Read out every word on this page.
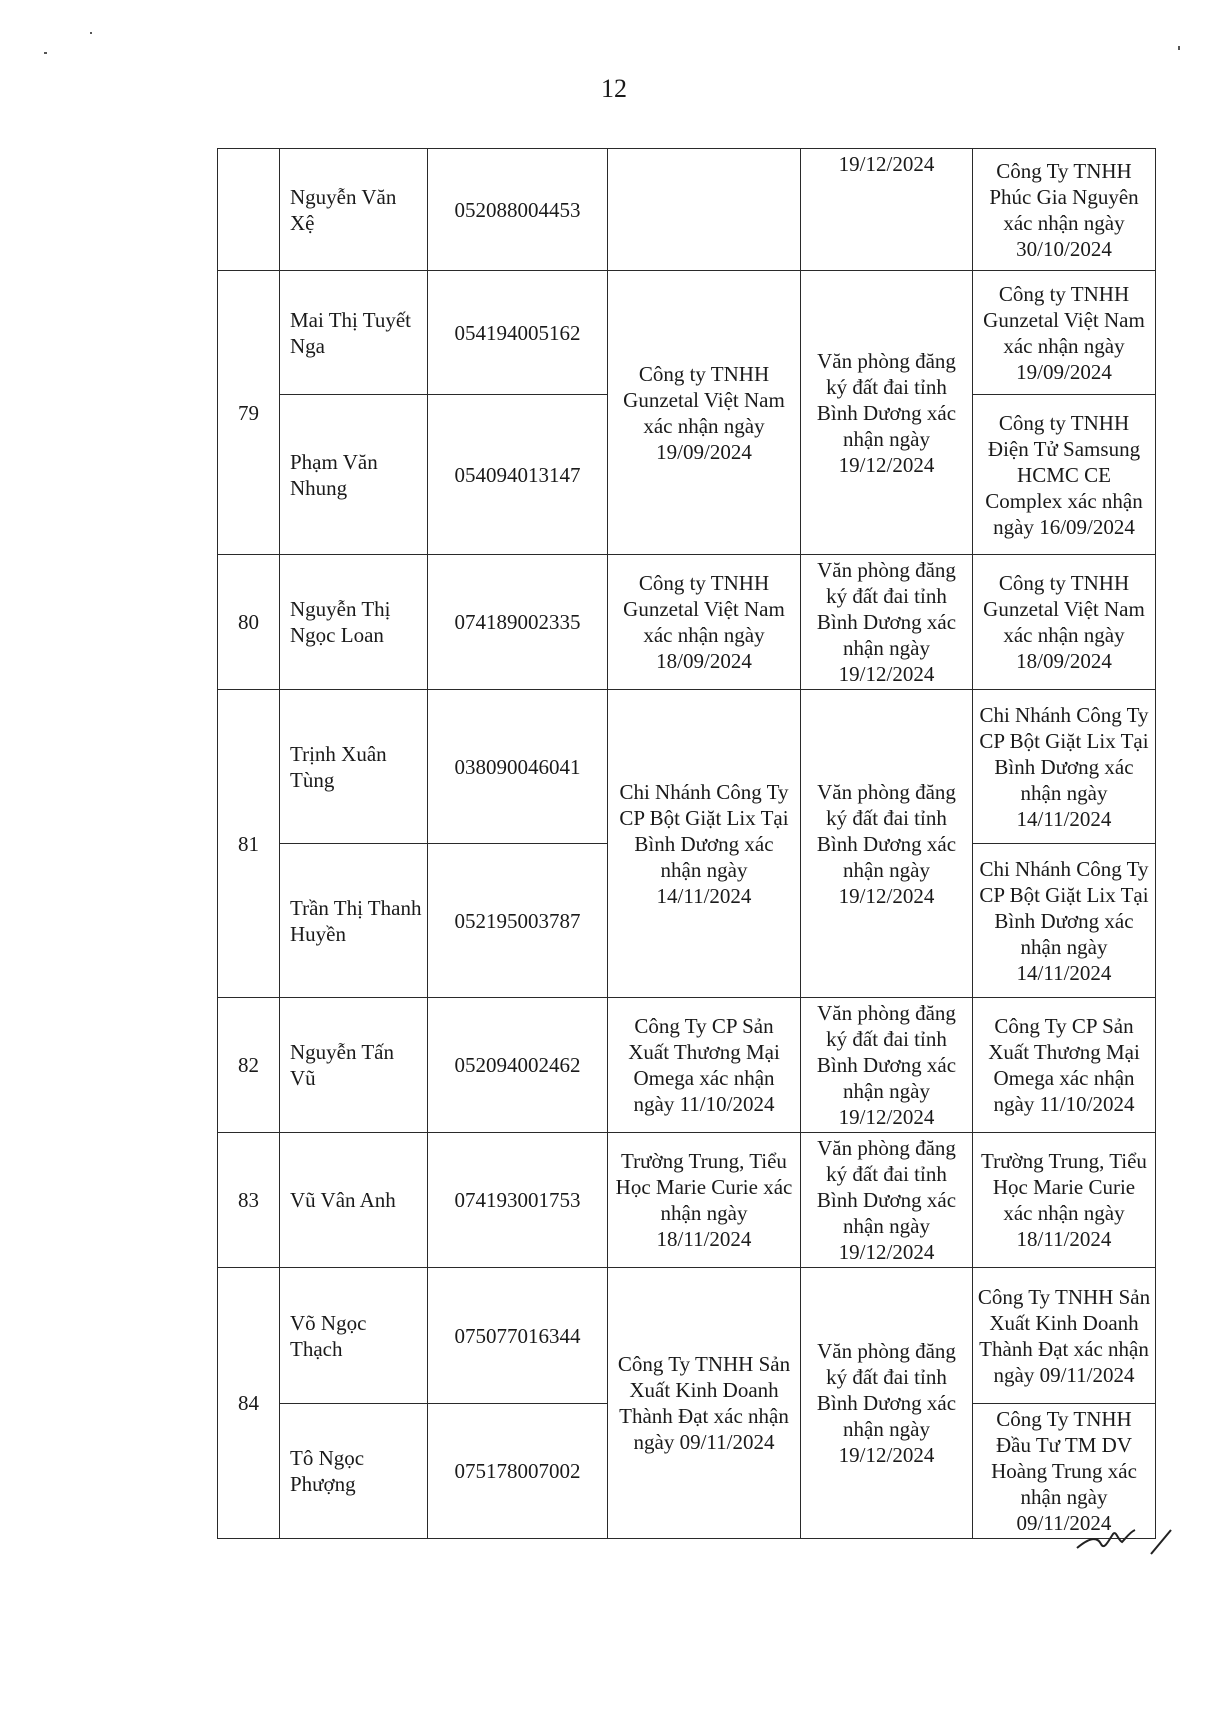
12
	Nguyễn Văn Xệ	052088004453		19/12/2024	Công Ty TNHH Phúc Gia Nguyên xác nhận ngày 30/10/2024
79	Mai Thị Tuyết Nga	054194005162	Công ty TNHH Gunzetal Việt Nam xác nhận ngày 19/09/2024	Văn phòng đăng ký đất đai tỉnh Bình Dương xác nhận ngày 19/12/2024	Công ty TNHH Gunzetal Việt Nam xác nhận ngày 19/09/2024
	Phạm Văn Nhung	054094013147			Công ty TNHH Điện Tử Samsung HCMC CE Complex xác nhận ngày 16/09/2024
80	Nguyễn Thị Ngọc Loan	074189002335	Công ty TNHH Gunzetal Việt Nam xác nhận ngày 18/09/2024	Văn phòng đăng ký đất đai tỉnh Bình Dương xác nhận ngày 19/12/2024	Công ty TNHH Gunzetal Việt Nam xác nhận ngày 18/09/2024
81	Trịnh Xuân Tùng	038090046041	Chi Nhánh Công Ty CP Bột Giặt Lix Tại Bình Dương xác nhận ngày 14/11/2024	Văn phòng đăng ký đất đai tỉnh Bình Dương xác nhận ngày 19/12/2024	Chi Nhánh Công Ty CP Bột Giặt Lix Tại Bình Dương xác nhận ngày 14/11/2024
	Trần Thị Thanh Huyền	052195003787			Chi Nhánh Công Ty CP Bột Giặt Lix Tại Bình Dương xác nhận ngày 14/11/2024
82	Nguyễn Tấn Vũ	052094002462	Công Ty CP Sản Xuất Thương Mại Omega xác nhận ngày 11/10/2024	Văn phòng đăng ký đất đai tỉnh Bình Dương xác nhận ngày 19/12/2024	Công Ty CP Sản Xuất Thương Mại Omega xác nhận ngày 11/10/2024
83	Vũ Vân Anh	074193001753	Trường Trung, Tiểu Học Marie Curie xác nhận ngày 18/11/2024	Văn phòng đăng ký đất đai tỉnh Bình Dương xác nhận ngày 19/12/2024	Trường Trung, Tiểu Học Marie Curie xác nhận ngày 18/11/2024
84	Võ Ngọc Thạch	075077016344	Công Ty TNHH Sản Xuất Kinh Doanh Thành Đạt xác nhận ngày 09/11/2024	Văn phòng đăng ký đất đai tỉnh Bình Dương xác nhận ngày 19/12/2024	Công Ty TNHH Sản Xuất Kinh Doanh Thành Đạt xác nhận ngày 09/11/2024
	Tô Ngọc Phượng	075178007002			Công Ty TNHH Đầu Tư TM DV Hoàng Trung xác nhận ngày 09/11/2024
